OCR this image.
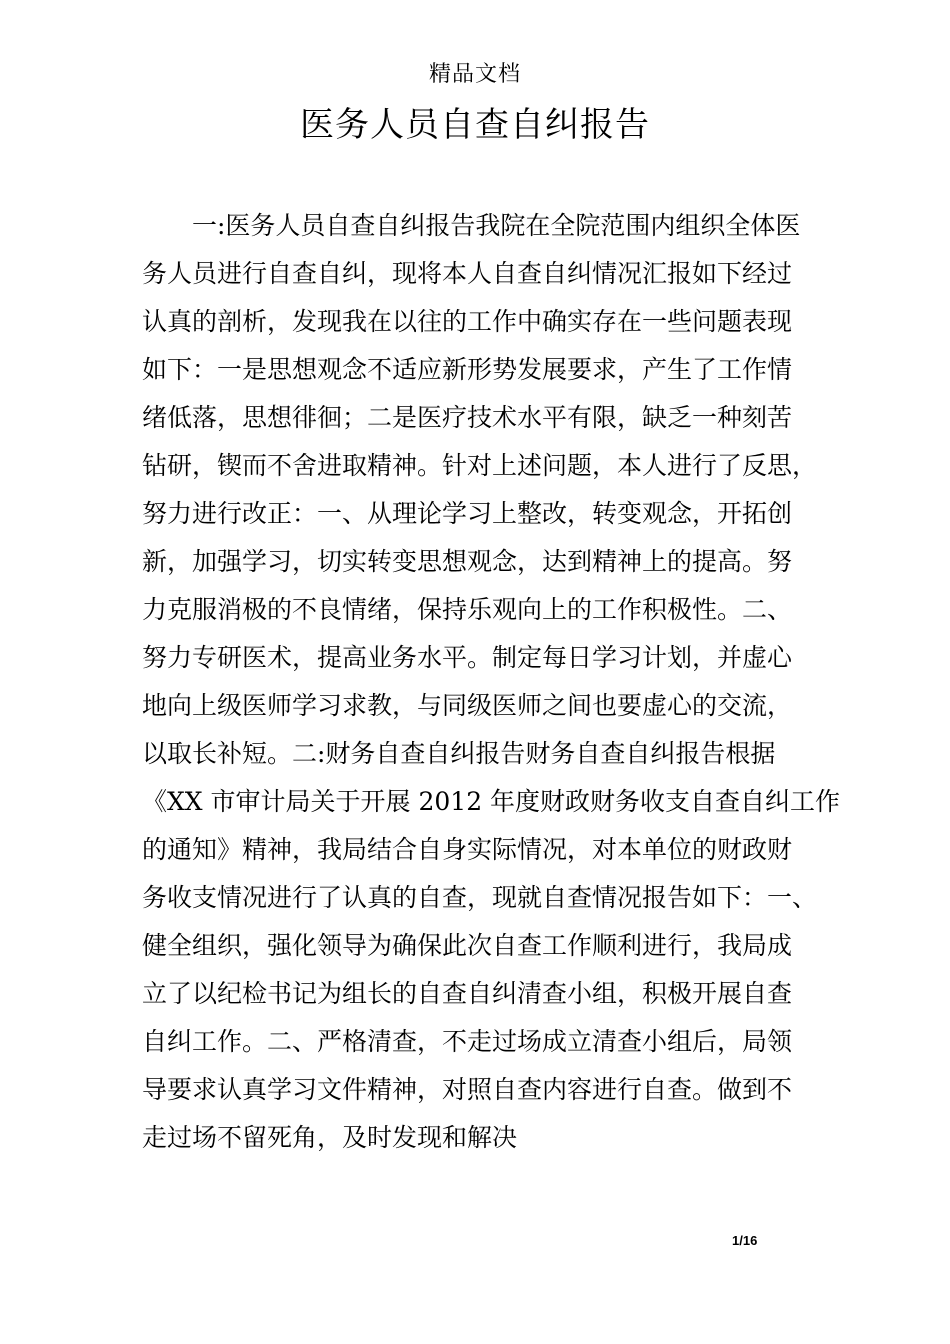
精品文档
医务人员自查自纠报告
　　一:医务人员自查自纠报告我院在全院范围内组织全体医
务人员进行自查自纠，现将本人自查自纠情况汇报如下经过
认真的剖析，发现我在以往的工作中确实存在一些问题表现
如下：一是思想观念不适应新形势发展要求，产生了工作情
绪低落，思想徘徊；二是医疗技术水平有限，缺乏一种刻苦
钻研，锲而不舍进取精神。针对上述问题，本人进行了反思，
努力进行改正：一、从理论学习上整改，转变观念，开拓创
新，加强学习，切实转变思想观念，达到精神上的提高。努
力克服消极的不良情绪，保持乐观向上的工作积极性。二、
努力专研医术，提高业务水平。制定每日学习计划，并虚心
地向上级医师学习求教，与同级医师之间也要虚心的交流，
以取长补短。二:财务自查自纠报告财务自查自纠报告根据
《XX 市审计局关于开展 2012 年度财政财务收支自查自纠工作
的通知》精神，我局结合自身实际情况，对本单位的财政财
务收支情况进行了认真的自查，现就自查情况报告如下：一、
健全组织，强化领导为确保此次自查工作顺利进行，我局成
立了以纪检书记为组长的自查自纠清查小组，积极开展自查
自纠工作。二、严格清查，不走过场成立清查小组后，局领
导要求认真学习文件精神，对照自查内容进行自查。做到不
走过场不留死角，及时发现和解决
1/16
